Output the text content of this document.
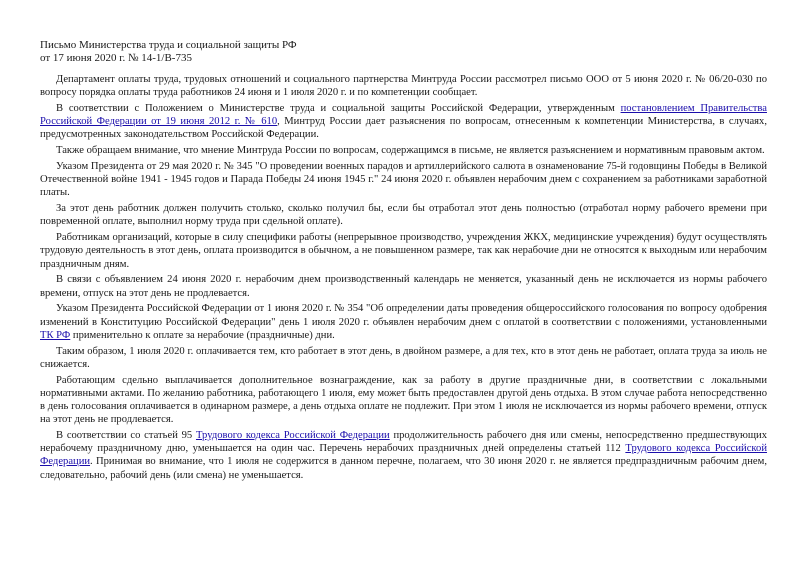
Письмо Министерства труда и социальной защиты РФ

от 17 июня 2020 г. № 14-1/В-735

Департамент оплаты труда, трудовых отношений и социального партнерства Минтруда России рассмотрел письмо ООО от 5 июня 2020 г. № 06/20-030 по вопросу порядка оплаты труда работников 24 июня и 1 июля 2020 г. и по компетенции сообщает.

В соответствии с Положением о Министерстве труда и социальной защиты Российской Федерации, утвержденным постановлением Правительства Российской Федерации от 19 июня 2012 г. № 610, Минтруд России дает разъяснения по вопросам, отнесенным к компетенции Министерства, в случаях, предусмотренных законодательством Российской Федерации.

Также обращаем внимание, что мнение Минтруда России по вопросам, содержащимся в письме, не является разъяснением и нормативным правовым актом.

Указом Президента от 29 мая 2020 г. № 345 "О проведении военных парадов и артиллерийского салюта в ознаменование 75-й годовщины Победы в Великой Отечественной войне 1941 - 1945 годов и Парада Победы 24 июня 1945 г." 24 июня 2020 г. объявлен нерабочим днем с сохранением за работниками заработной платы.

За этот день работник должен получить столько, сколько получил бы, если бы отработал этот день полностью (отработал норму рабочего времени при повременной оплате, выполнил норму труда при сдельной оплате).

Работникам организаций, которые в силу специфики работы (непрерывное производство, учреждения ЖКХ, медицинские учреждения) будут осуществлять трудовую деятельность в этот день, оплата производится в обычном, а не повышенном размере, так как нерабочие дни не относятся к выходным или нерабочим праздничным дням.

В связи с объявлением 24 июня 2020 г. нерабочим днем производственный календарь не меняется, указанный день не исключается из нормы рабочего времени, отпуск на этот день не продлевается.

Указом Президента Российской Федерации от 1 июня 2020 г. № 354 "Об определении даты проведения общероссийского голосования по вопросу одобрения изменений в Конституцию Российской Федерации" день 1 июля 2020 г. объявлен нерабочим днем с оплатой в соответствии с положениями, установленными ТК РФ применительно к оплате за нерабочие (праздничные) дни.

Таким образом, 1 июля 2020 г. оплачивается тем, кто работает в этот день, в двойном размере, а для тех, кто в этот день не работает, оплата труда за июль не снижается.

Работающим сдельно выплачивается дополнительное вознаграждение, как за работу в другие праздничные дни, в соответствии с локальными нормативными актами. По желанию работника, работающего 1 июля, ему может быть предоставлен другой день отдыха. В этом случае работа непосредственно в день голосования оплачивается в одинарном размере, а день отдыха оплате не подлежит. При этом 1 июля не исключается из нормы рабочего времени, отпуск на этот день не продлевается.

В соответствии со статьей 95 Трудового кодекса Российской Федерации продолжительность рабочего дня или смены, непосредственно предшествующих нерабочему праздничному дню, уменьшается на один час. Перечень нерабочих праздничных дней определены статьей 112 Трудового кодекса Российской Федерации. Принимая во внимание, что 1 июля не содержится в данном перечне, полагаем, что 30 июня 2020 г. не является предпраздничным рабочим днем, следовательно, рабочий день (или смена) не уменьшается.
